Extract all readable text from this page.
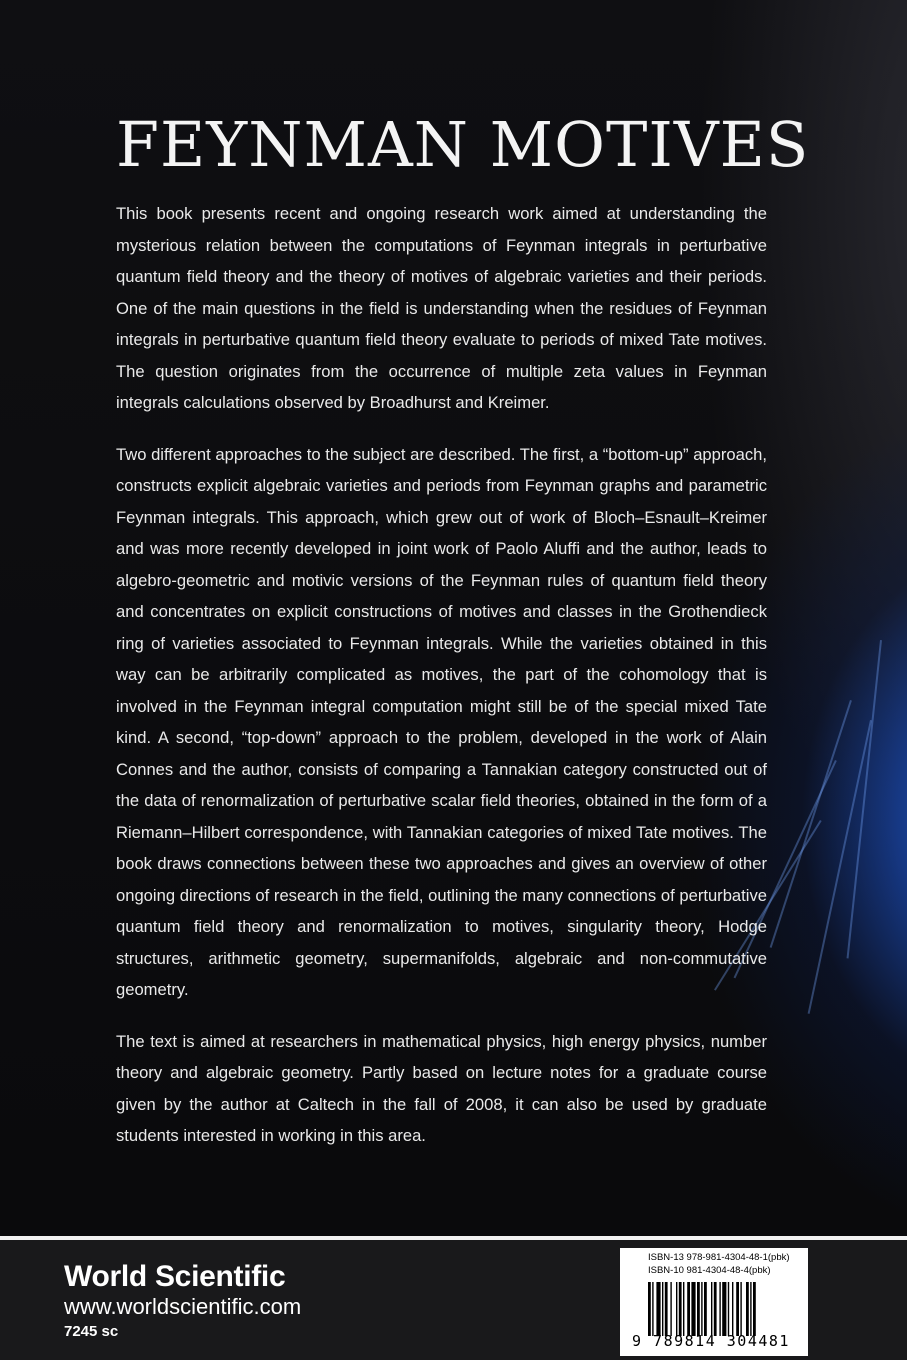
FEYNMAN MOTIVES

This book presents recent and ongoing research work aimed at understanding the mysterious relation between the computations of Feynman integrals in perturbative quantum field theory and the theory of motives of algebraic varieties and their periods. One of the main questions in the field is understanding when the residues of Feynman integrals in perturbative quantum field theory evaluate to periods of mixed Tate motives. The question originates from the occurrence of multiple zeta values in Feynman integrals calculations observed by Broadhurst and Kreimer.

Two different approaches to the subject are described. The first, a “bottom-up” approach, constructs explicit algebraic varieties and periods from Feynman graphs and parametric Feynman integrals. This approach, which grew out of work of Bloch–Esnault–Kreimer and was more recently developed in joint work of Paolo Aluffi and the author, leads to algebro-geometric and motivic versions of the Feynman rules of quantum field theory and concentrates on explicit constructions of motives and classes in the Grothendieck ring of varieties associated to Feynman integrals. While the varieties obtained in this way can be arbitrarily complicated as motives, the part of the cohomology that is involved in the Feynman integral computation might still be of the special mixed Tate kind. A second, “top-down” approach to the problem, developed in the work of Alain Connes and the author, consists of comparing a Tannakian category constructed out of the data of renormalization of perturbative scalar field theories, obtained in the form of a Riemann–Hilbert correspondence, with Tannakian categories of mixed Tate motives. The book draws connections between these two approaches and gives an overview of other ongoing directions of research in the field, outlining the many connections of perturbative quantum field theory and renormalization to motives, singularity theory, Hodge structures, arithmetic geometry, supermanifolds, algebraic and non-commutative geometry.

The text is aimed at researchers in mathematical physics, high energy physics, number theory and algebraic geometry. Partly based on lecture notes for a graduate course given by the author at Caltech in the fall of 2008, it can also be used by graduate students interested in working in this area.

World Scientific
www.worldscientific.com
7245 sc
ISBN-13 978-981-4304-48-1(pbk)
ISBN-10 981-4304-48-4(pbk)
9 789814 304481
